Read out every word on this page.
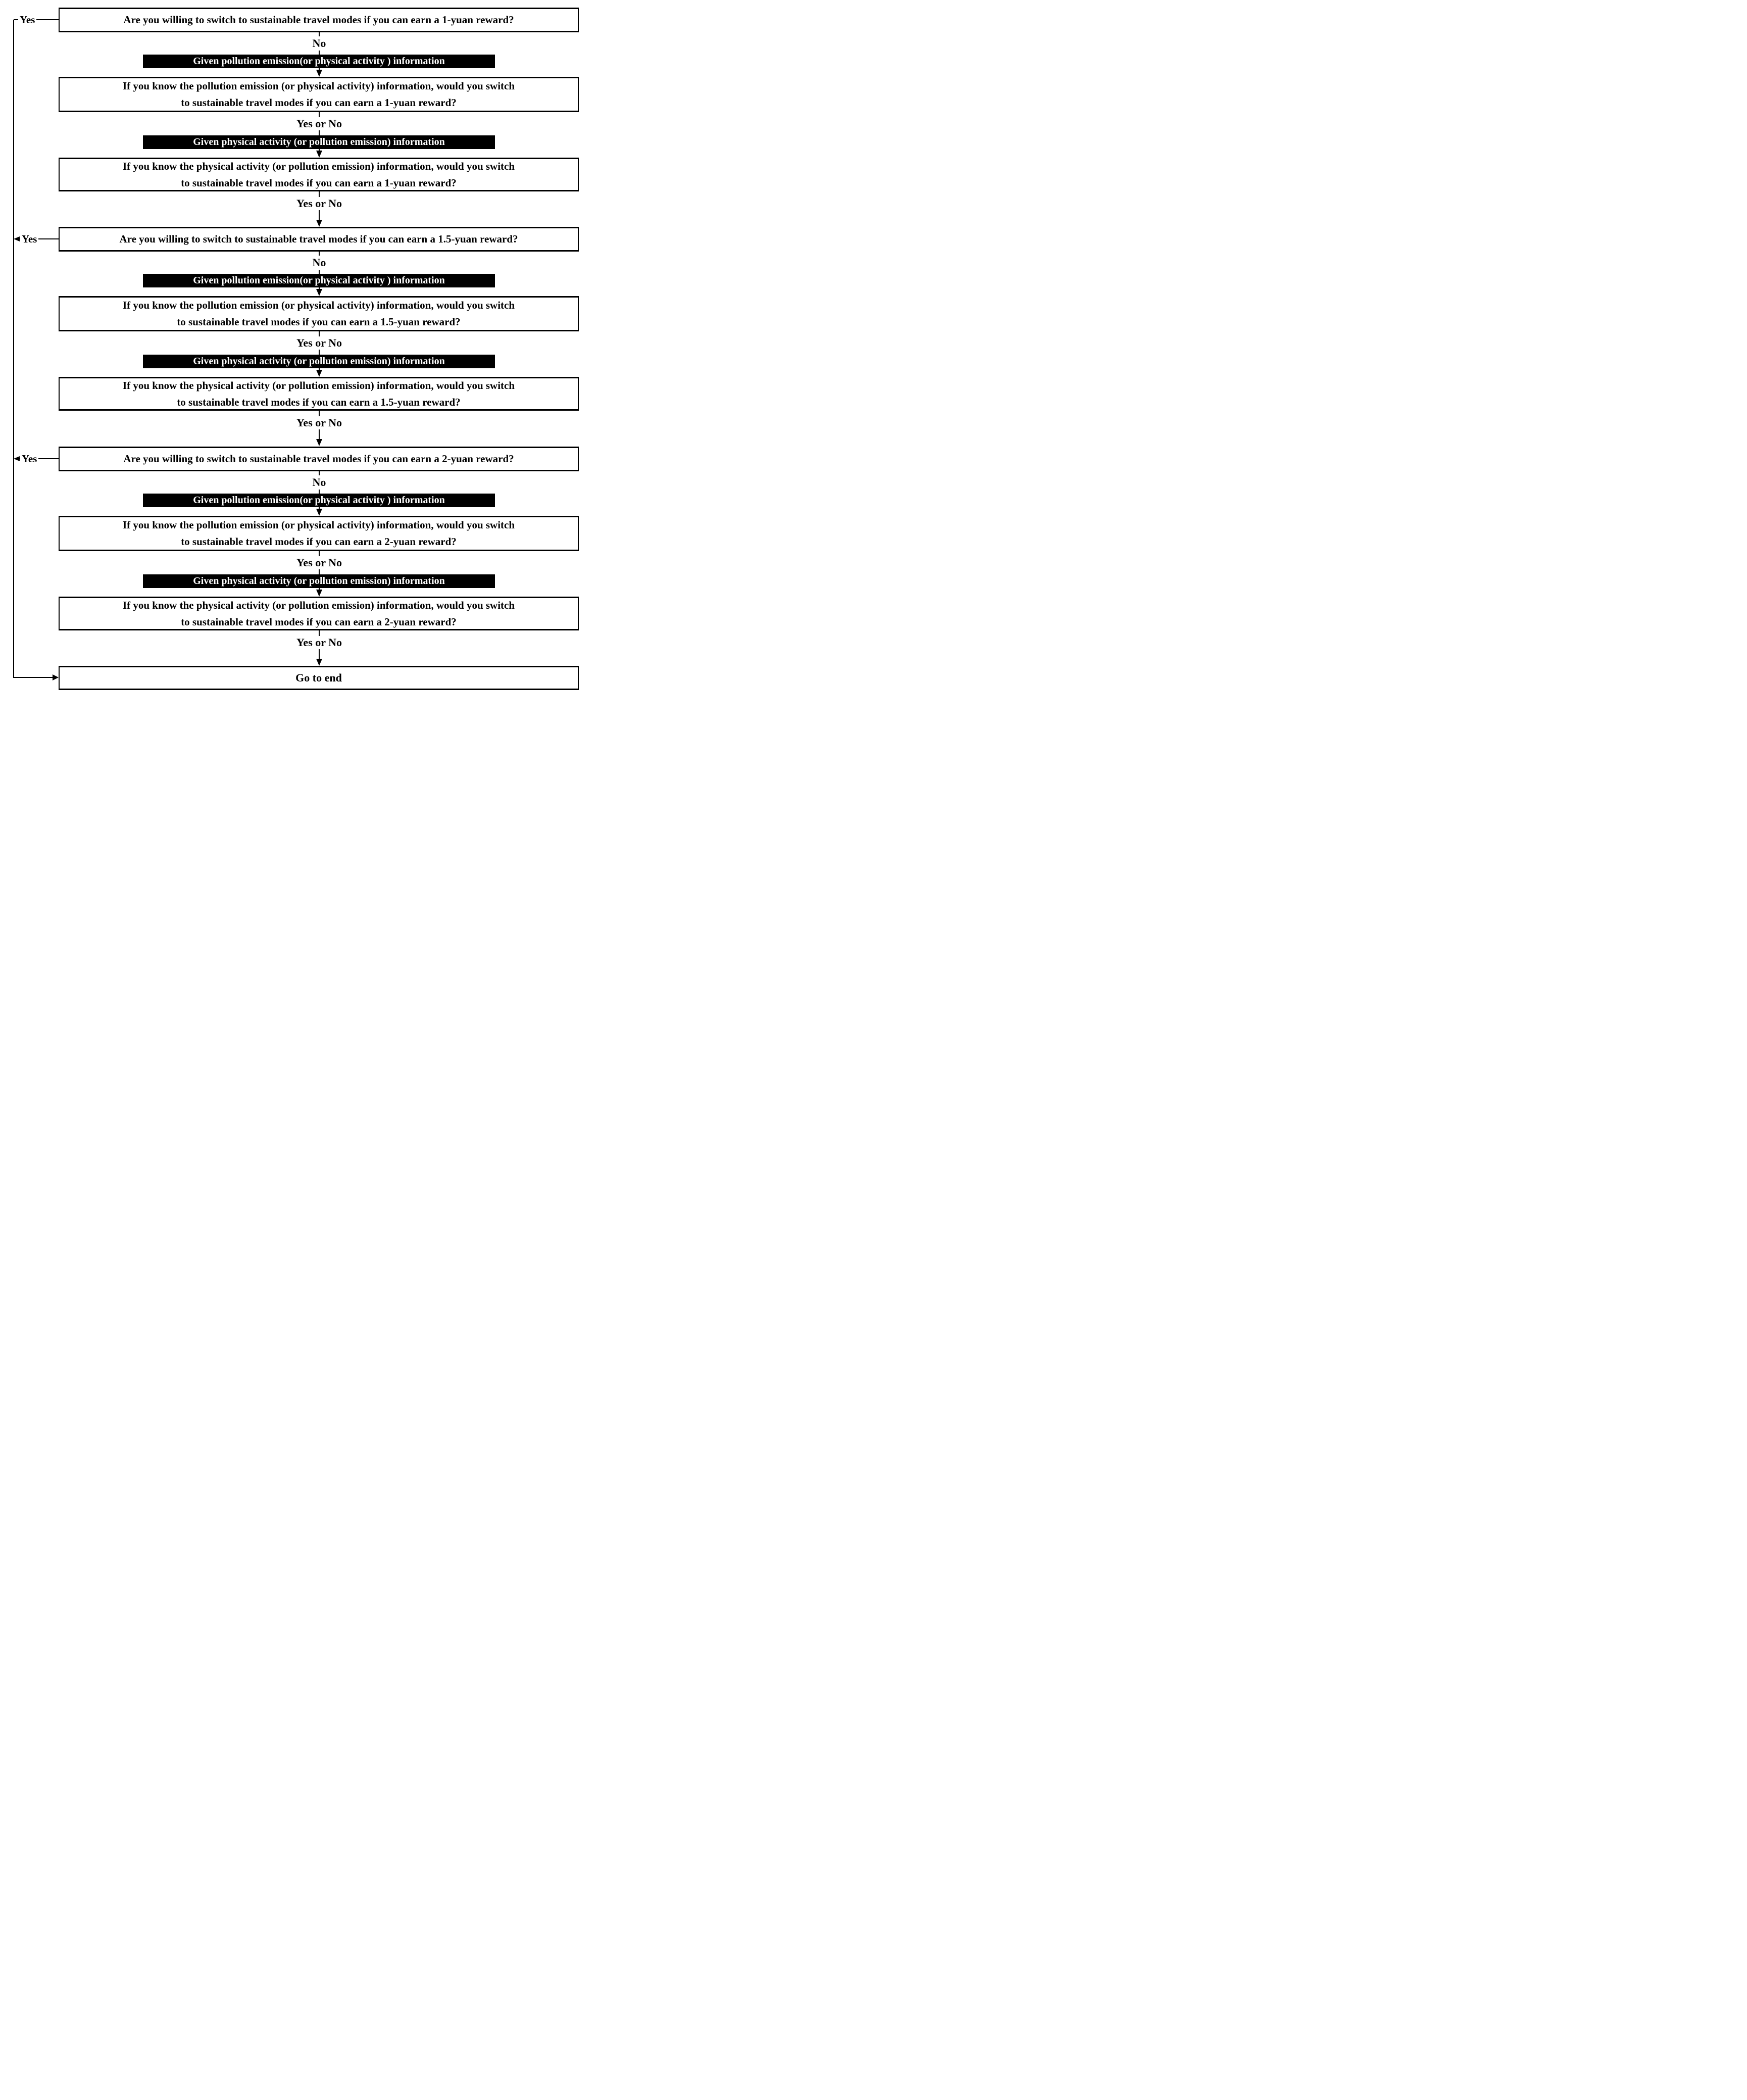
Yes
Yes
Yes
Are you willing to switch to sustainable travel modes if you can earn a 1-yuan reward?
No
Given pollution emission(or physical activity ) information
If you know the pollution emission (or physical activity) information, would you switch
to sustainable travel modes if you can earn a 1-yuan reward?
Yes or No
Given physical activity (or pollution emission) information
If you know the physical activity (or pollution emission) information, would you switch
to sustainable travel modes if you can earn a 1-yuan reward?
Yes or No
Are you willing to switch to sustainable travel modes if you can earn a 1.5-yuan reward?
No
Given pollution emission(or physical activity ) information
If you know the pollution emission (or physical activity) information, would you switch
to sustainable travel modes if you can earn a 1.5-yuan reward?
Yes or No
Given physical activity (or pollution emission) information
If you know the physical activity (or pollution emission) information, would you switch
to sustainable travel modes if you can earn a 1.5-yuan reward?
Yes or No
Are you willing to switch to sustainable travel modes if you can earn a 2-yuan reward?
No
Given pollution emission(or physical activity ) information
If you know the pollution emission (or physical activity) information, would you switch
to sustainable travel modes if you can earn a 2-yuan reward?
Yes or No
Given physical activity (or pollution emission) information
If you know the physical activity (or pollution emission) information, would you switch
to sustainable travel modes if you can earn a 2-yuan reward?
Yes or No
Go to end
